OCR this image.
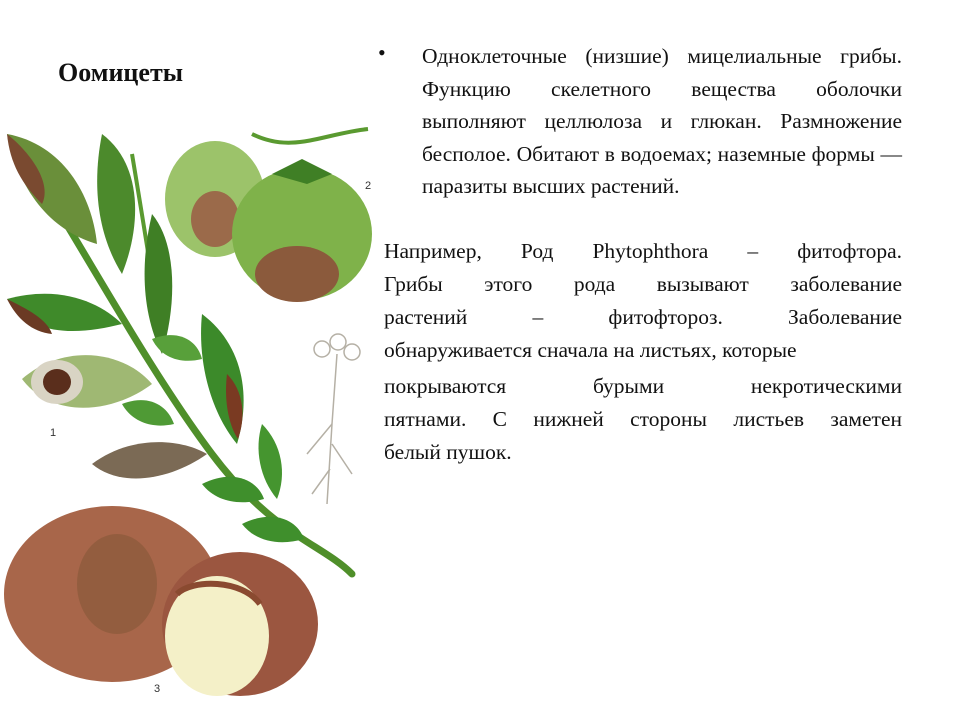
Оомицеты
2
3
1
• Одноклеточные (низшие) мицелиальные грибы. Функцию скелетного вещества оболочки выполняют целлюлоза и глюкан. Размножение бесполое. Обитают в водоемах; наземные формы — паразиты высших растений.
Например, Род Phytophthora – фитофтора.
Грибы этого рода вызывают заболевание
растений – фитофтороз. Заболевание
обнаруживается сначала на листьях, которые
покрываются бурыми некротическими
пятнами. С нижней стороны листьев заметен
белый пушок.
